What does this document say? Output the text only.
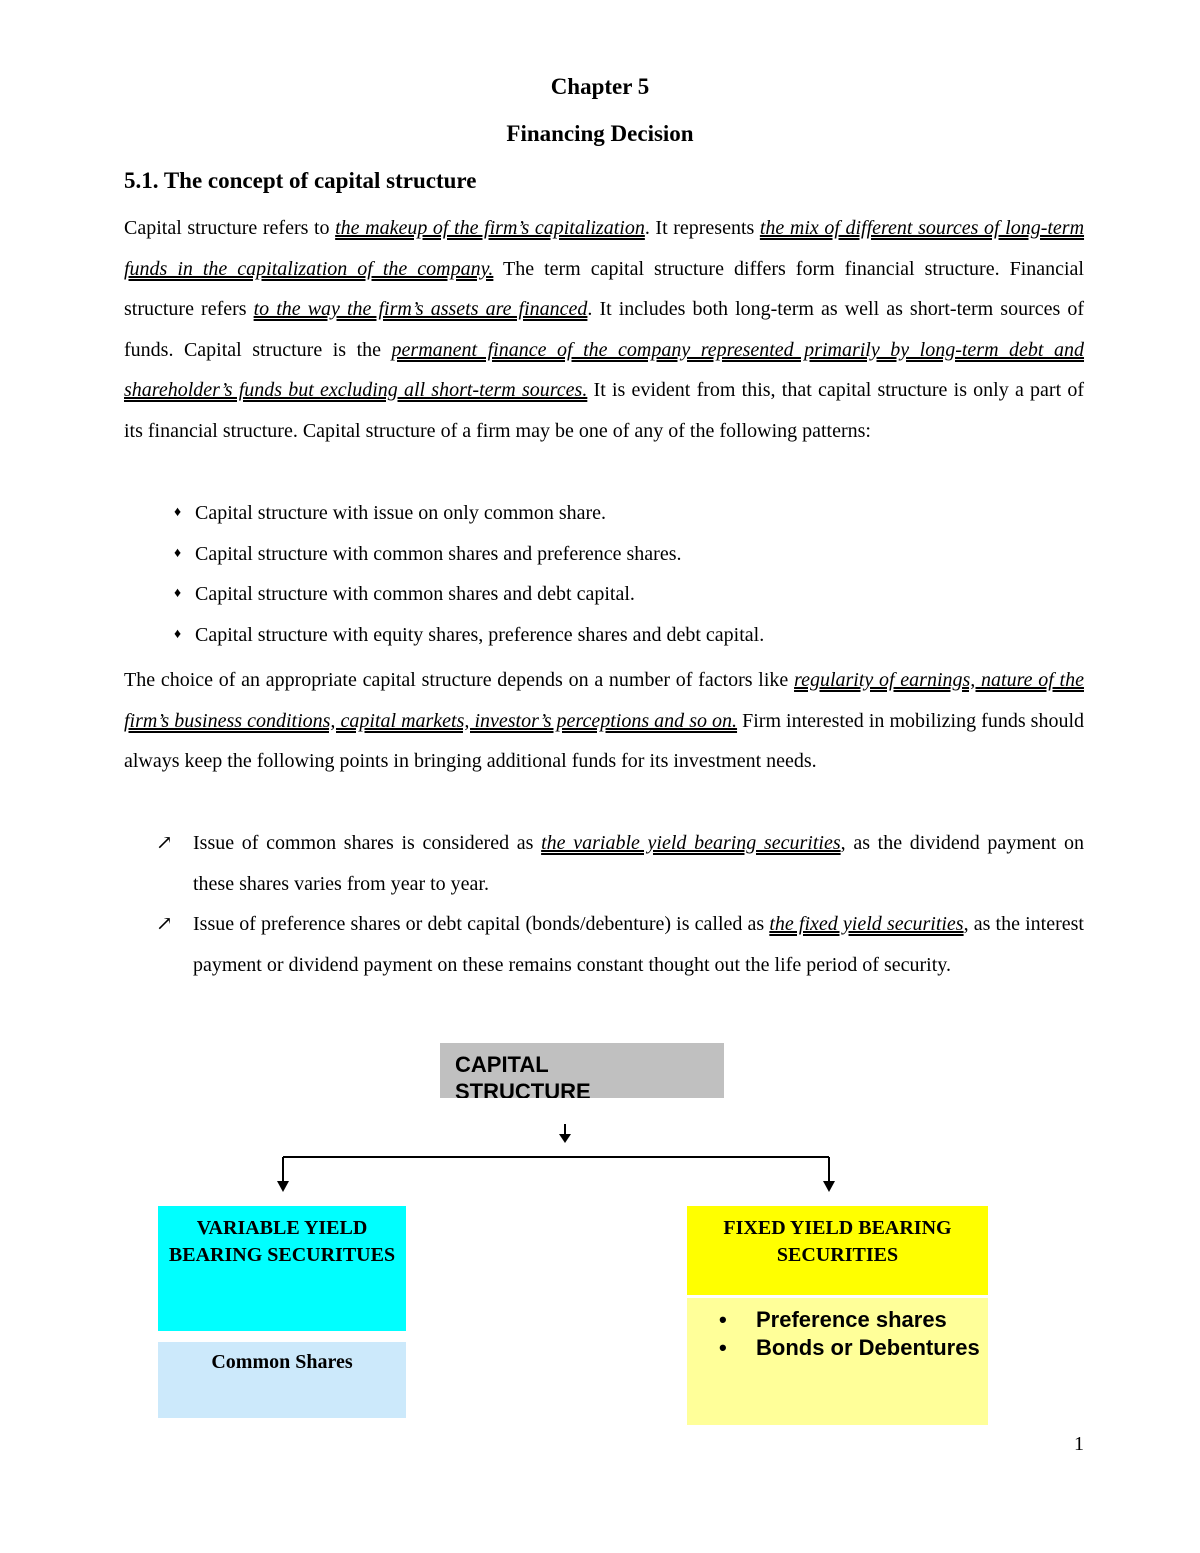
Chapter 5
Financing Decision
5.1. The concept of capital structure

Capital structure refers to the makeup of the firm’s capitalization. It represents the mix of different sources of long-term funds in the capitalization of the company. The term capital structure differs form financial structure. Financial structure refers to the way the firm’s assets are financed. It includes both long-term as well as short-term sources of funds. Capital structure is the permanent finance of the company represented primarily by long-term debt and shareholder’s funds but excluding all short-term sources. It is evident from this, that capital structure is only a part of its financial structure. Capital structure of a firm may be one of any of the following patterns:

♦ Capital structure with issue on only common share.
♦ Capital structure with common shares and preference shares.
♦ Capital structure with common shares and debt capital.
♦ Capital structure with equity shares, preference shares and debt capital.

The choice of an appropriate capital structure depends on a number of factors like regularity of earnings, nature of the firm’s business conditions, capital markets, investor’s perceptions and so on. Firm interested in mobilizing funds should always keep the following points in bringing additional funds for its investment needs.

↗ Issue of common shares is considered as the variable yield bearing securities, as the dividend payment on these shares varies from year to year.
↗ Issue of preference shares or debt capital (bonds/debenture) is called as the fixed yield securities, as the interest payment or dividend payment on these remains constant thought out the life period of security.
CAPITAL STRUCTURE
VARIABLE YIELD BEARING SECURITUES
Common Shares
FIXED YIELD BEARING SECURITIES
• Preference shares
• Bonds or Debentures
1
